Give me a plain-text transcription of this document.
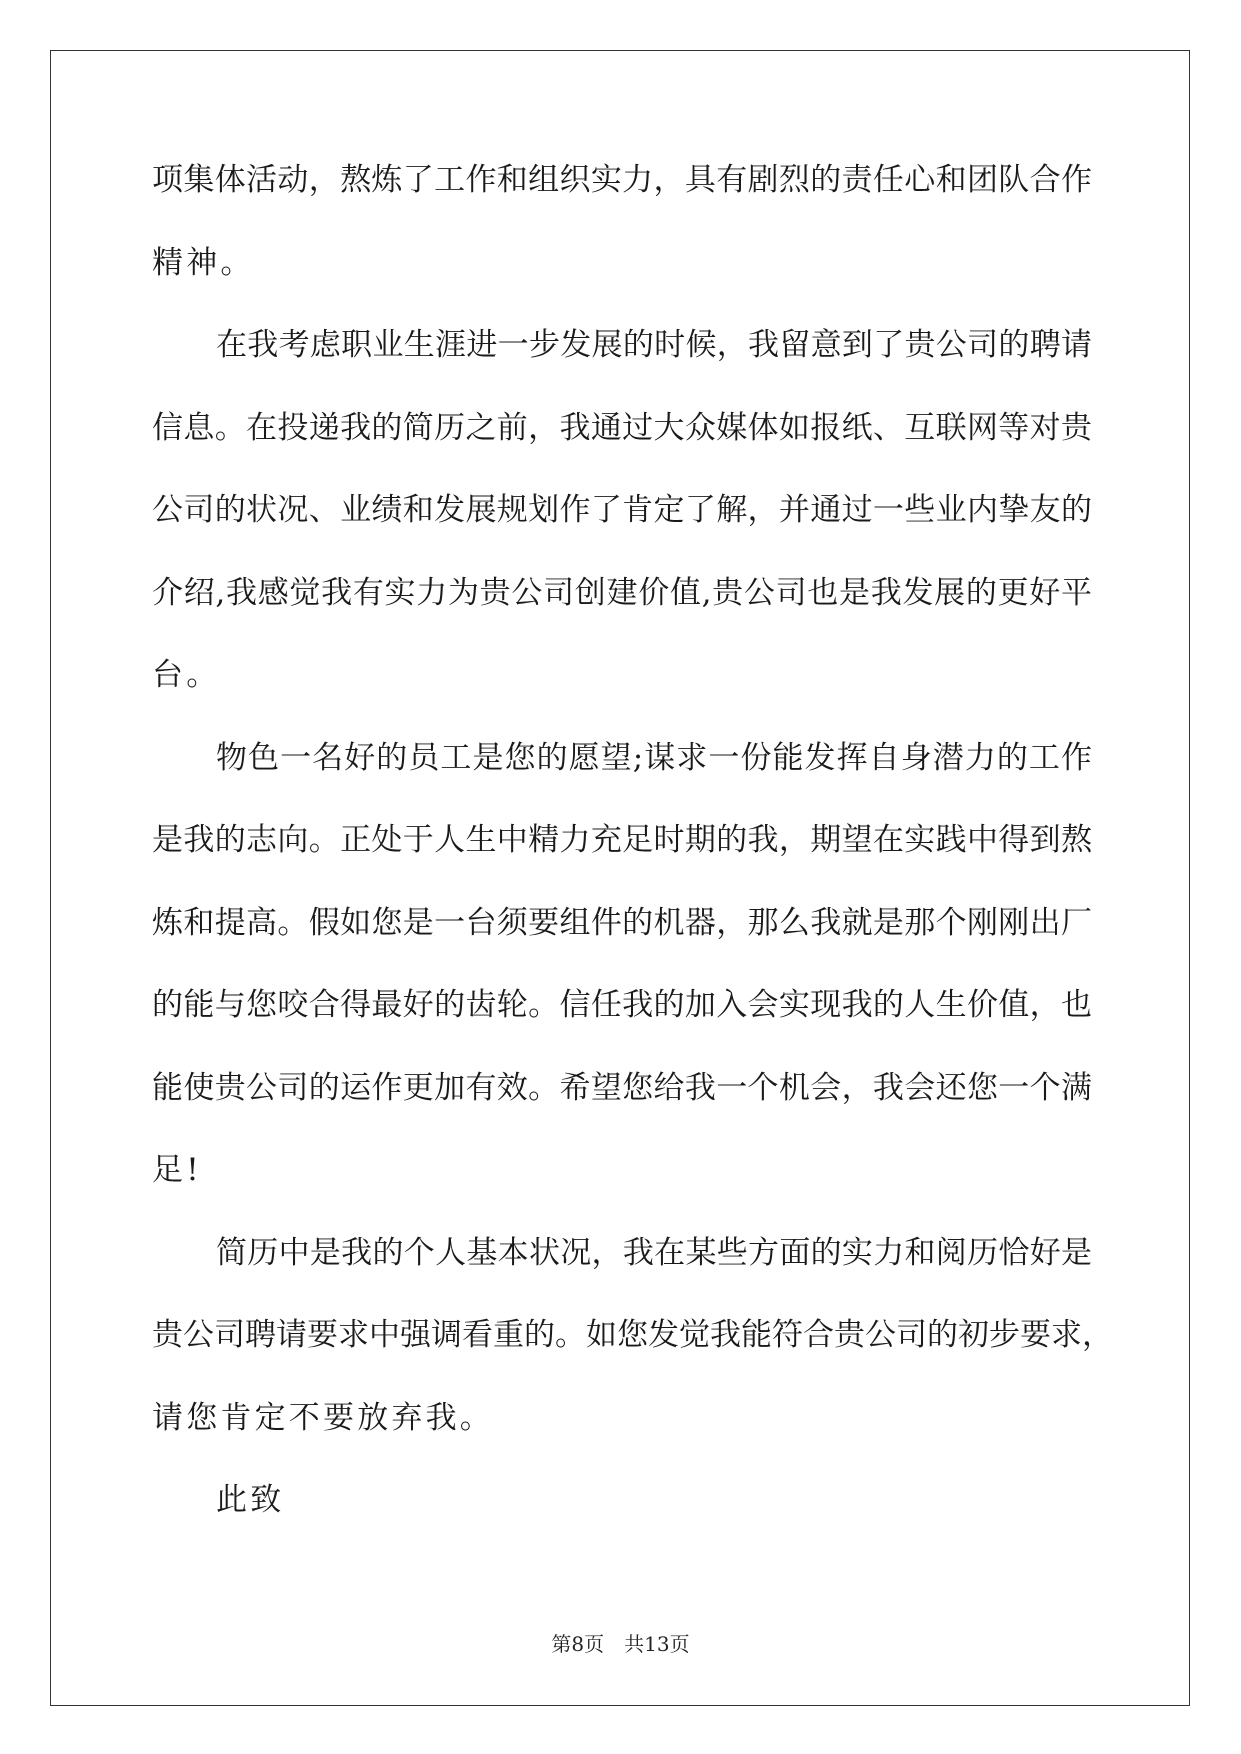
项集体活动，熬炼了工作和组织实力，具有剧烈的责任心和团队合作
精神。
在我考虑职业生涯进一步发展的时候，我留意到了贵公司的聘请
信息。在投递我的简历之前，我通过大众媒体如报纸、互联网等对贵
公司的状况、业绩和发展规划作了肯定了解，并通过一些业内挚友的
介绍,我感觉我有实力为贵公司创建价值,贵公司也是我发展的更好平
台。
物色一名好的员工是您的愿望;谋求一份能发挥自身潜力的工作
是我的志向。正处于人生中精力充足时期的我，期望在实践中得到熬
炼和提高。假如您是一台须要组件的机器，那么我就是那个刚刚出厂
的能与您咬合得最好的齿轮。信任我的加入会实现我的人生价值，也
能使贵公司的运作更加有效。希望您给我一个机会，我会还您一个满
足!
简历中是我的个人基本状况，我在某些方面的实力和阅历恰好是
贵公司聘请要求中强调看重的。如您发觉我能符合贵公司的初步要求，
请您肯定不要放弃我。
此致
第8页　共13页
